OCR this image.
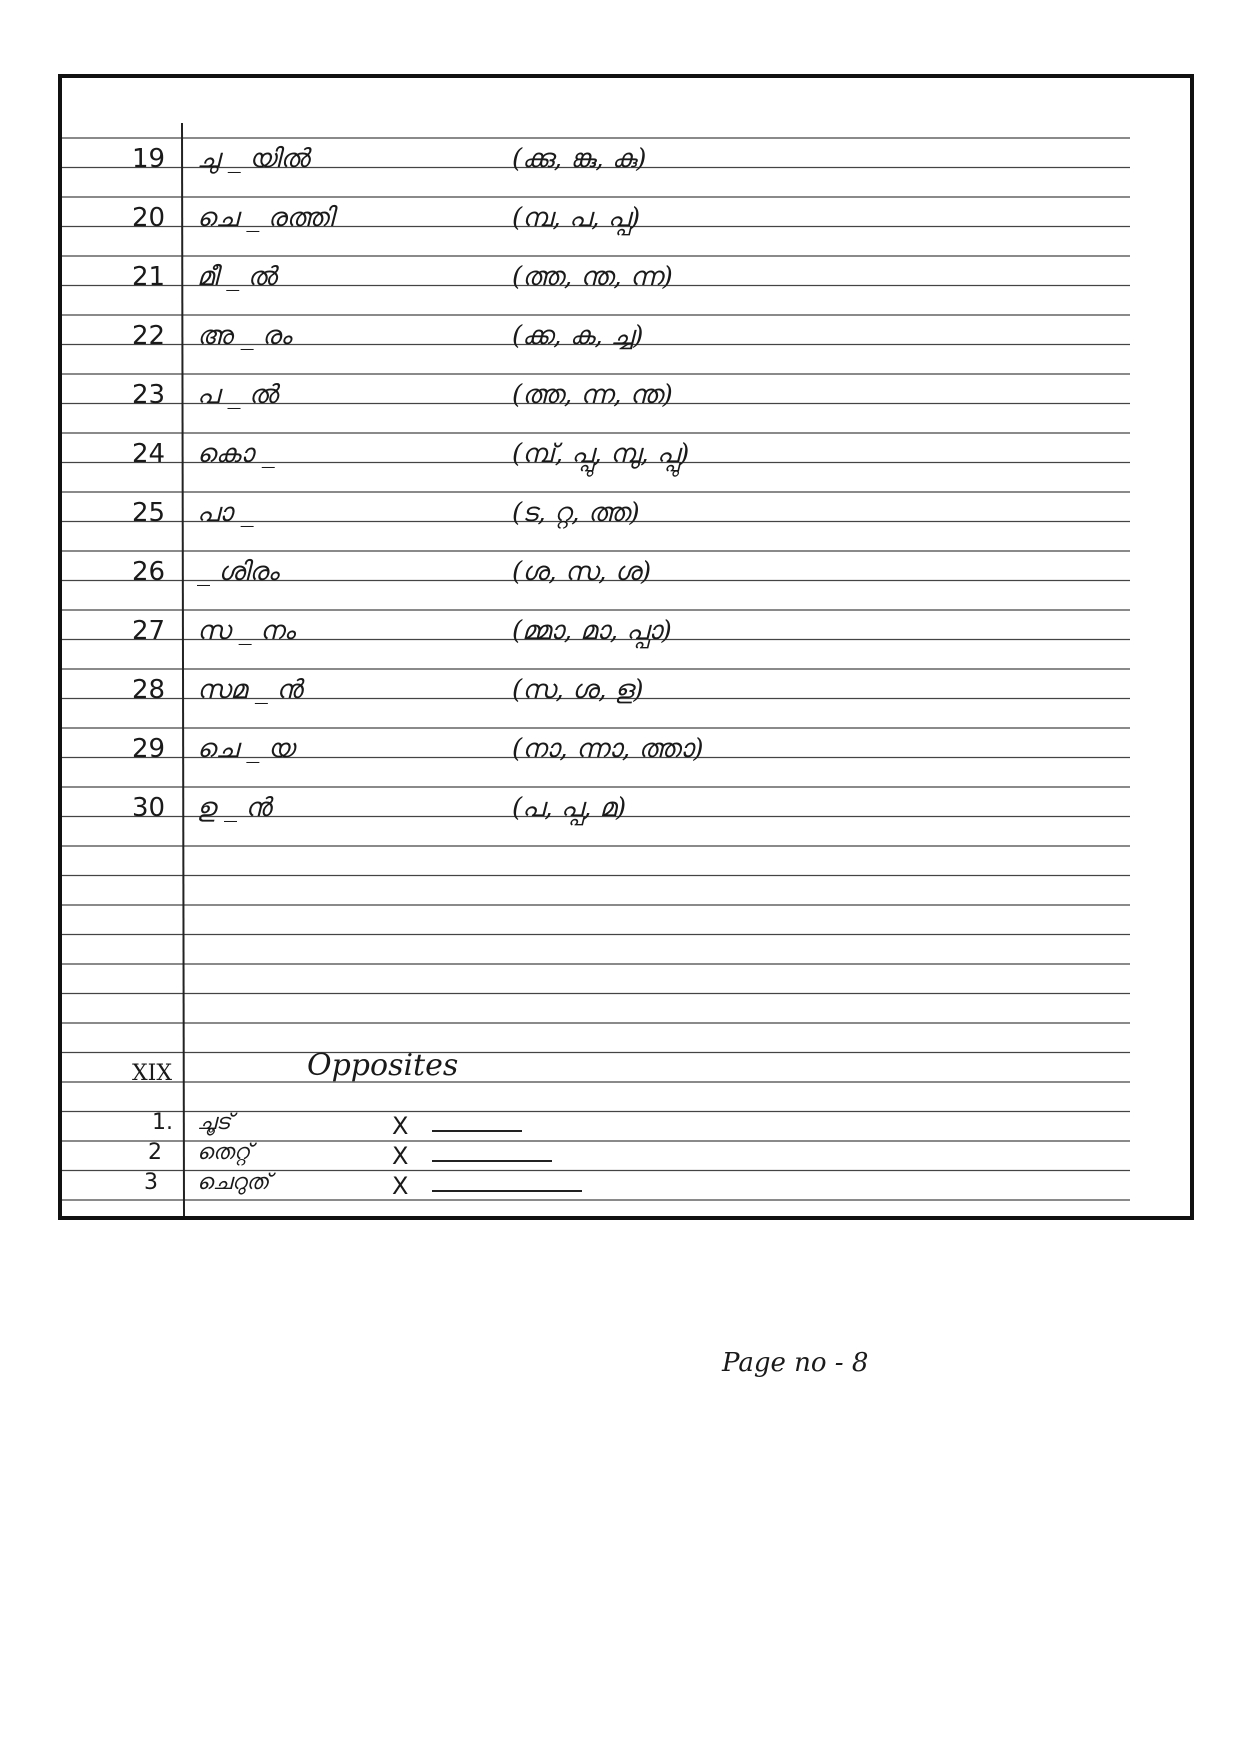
19 ചു _ യിൽ	(ക്കു, ങ്കു, കു)
20 ചെ _ രത്തി	(മ്പ, പ, പ്പ)
21 മീ _ ൽ	(ത്ത, ന്ത, ന്ന)
22 അ _ രം	(ക്ക, ക, ച്ച)
23 പ _ ൽ	(ത്ത, ന്ന, ന്ത)
24 കൊ _	(മ്പ്, പ്പു, മ്പു, പ്പു)
25 പാ _	(ട, റ്റ, ത്ത)
26 _ ശിരം	(ശ, സ, ശ)
27 സ _ നം	(മ്മാ, മാ, പ്പാ)
28 സമ _ ൻ	(സ, ശ, ള)
29 ചെ _ യ	(നാ, ന്നാ, ത്താ)
30 ഉ _ ൻ	(പ, പ്പ, മ)
XIX	Opposites
1. ചൂട്	X
2 തെറ്റ്	X
3 ചെറുത്	X
Page no - 8
